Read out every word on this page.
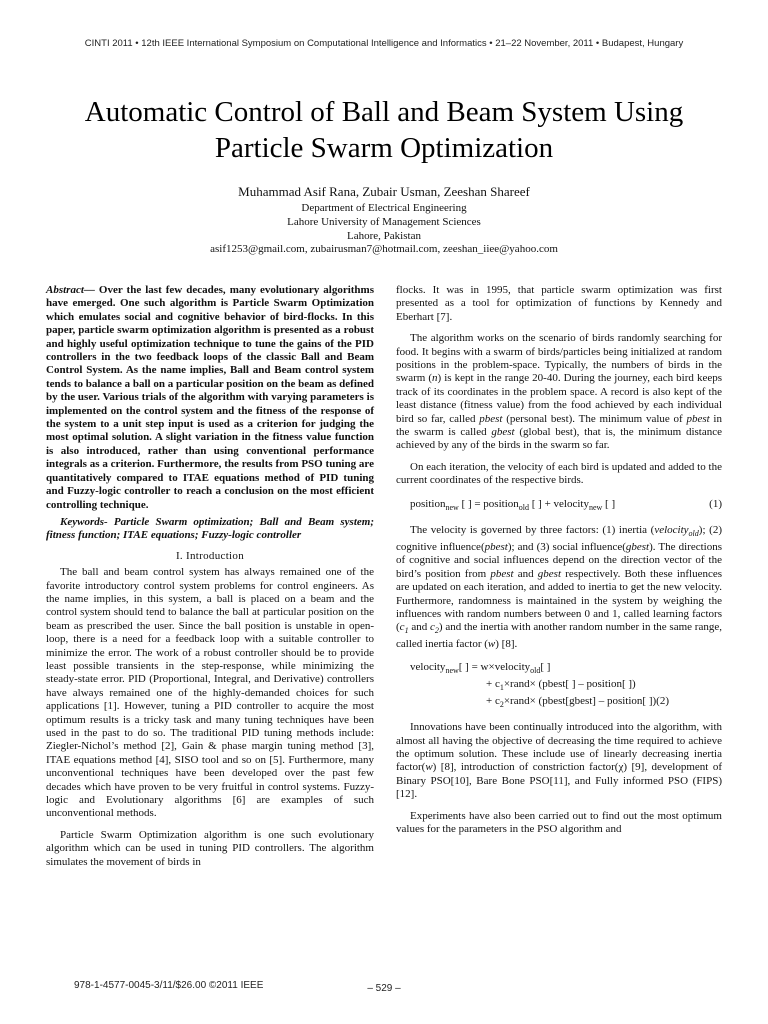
CINTI 2011 • 12th IEEE International Symposium on Computational Intelligence and Informatics • 21–22 November, 2011 • Budapest, Hungary
Automatic Control of Ball and Beam System Using
Particle Swarm Optimization

Muhammad Asif Rana, Zubair Usman, Zeeshan Shareef

Department of Electrical Engineering

Lahore University of Management Sciences

Lahore, Pakistan

asif1253@gmail.com, zubairusman7@hotmail.com, zeeshan_iiee@yahoo.com

Abstract— Over the last few decades, many evolutionary algorithms have emerged. One such algorithm is Particle Swarm Optimization which emulates social and cognitive behavior of bird-flocks. In this paper, particle swarm optimization algorithm is presented as a robust and highly useful optimization technique to tune the gains of the PID controllers in the two feedback loops of the classic Ball and Beam Control System. As the name implies, Ball and Beam control system tends to balance a ball on a particular position on the beam as defined by the user. Various trials of the algorithm with varying parameters is implemented on the control system and the fitness of the response of the system to a unit step input is used as a criterion for judging the most optimal solution. A slight variation in the fitness value function is also introduced, rather than using conventional performance integrals as a criterion. Furthermore, the results from PSO tuning are quantitatively compared to ITAE equations method of PID tuning and Fuzzy-logic controller to reach a conclusion on the most efficient controlling technique.

Keywords- Particle Swarm optimization; Ball and Beam system; fitness function; ITAE equations; Fuzzy-logic controller

I. Introduction

The ball and beam control system has always remained one of the favorite introductory control system problems for control engineers. As the name implies, in this system, a ball is placed on a beam and the control system should tend to balance the ball at particular position on the beam as prescribed the user. Since the ball position is unstable in open-loop, there is a need for a feedback loop with a suitable controller to minimize the error. The work of a robust controller should be to provide least possible transients in the step-response, while minimizing the steady-state error. PID (Proportional, Integral, and Derivative) controllers have always remained one of the highly-demanded choices for such applications [1]. However, tuning a PID controller to acquire the most optimum results is a tricky task and many tuning techniques have been used in the past to do so. The traditional PID tuning methods include: Ziegler-Nichol’s method [2], Gain & phase margin tuning method [3], ITAE equations method [4], SISO tool and so on [5]. Furthermore, many unconventional techniques have been developed over the past few decades which have proven to be very fruitful in control systems. Fuzzy-logic and Evolutionary algorithms [6] are examples of such unconventional methods.

Particle Swarm Optimization algorithm is one such evolutionary algorithm which can be used in tuning PID controllers. The algorithm simulates the movement of birds in

flocks. It was in 1995, that particle swarm optimization was first presented as a tool for optimization of functions by Kennedy and Eberhart [7].

The algorithm works on the scenario of birds randomly searching for food. It begins with a swarm of birds/particles being initialized at random positions in the problem-space. Typically, the numbers of birds in the swarm (n) is kept in the range 20-40. During the journey, each bird keeps track of its coordinates in the problem space. A record is also kept of the least distance (fitness value) from the food achieved by each individual bird so far, called pbest (personal best). The minimum value of pbest in the swarm is called gbest (global best), that is, the minimum distance achieved by any of the birds in the swarm so far.

On each iteration, the velocity of each bird is updated and added to the current coordinates of the respective birds.

position$_{new}$ [ ] = position$_{old}$ [ ] + velocity$_{new}$ [ ]	(1)

The velocity is governed by three factors: (1) inertia (velocity$_{old}$); (2) cognitive influence(pbest); and (3) social influence(gbest). The directions of cognitive and social influences depend on the direction vector of the bird’s position from pbest and gbest respectively. Both these influences are updated on each iteration, and added to inertia to get the new velocity. Furthermore, randomness is maintained in the system by weighing the influences with random numbers between 0 and 1, called learning factors ($c_1$ and $c_2$) and the inertia with another random number in the same range, called inertia factor (w) [8].

velocity$_{new}$[ ] = w×velocity$_{old}$[ ]
+ $c_1\times rand\times$ (pbest[ ] – position[ ])
+ $c_2\times rand\times$ (pbest[gbest] – position[ ])(2)

Innovations have been continually introduced into the algorithm, with almost all having the objective of decreasing the time required to achieve the optimum solution. These include use of linearly decreasing inertia factor(w) [8], introduction of constriction factor(χ) [9], development of Binary PSO[10], Bare Bone PSO[11], and Fully informed PSO (FIPS) [12].

Experiments have also been carried out to find out the most optimum values for the parameters in the PSO algorithm and

978-1-4577-0045-3/11/$26.00 ©2011 IEEE	– 529 –
